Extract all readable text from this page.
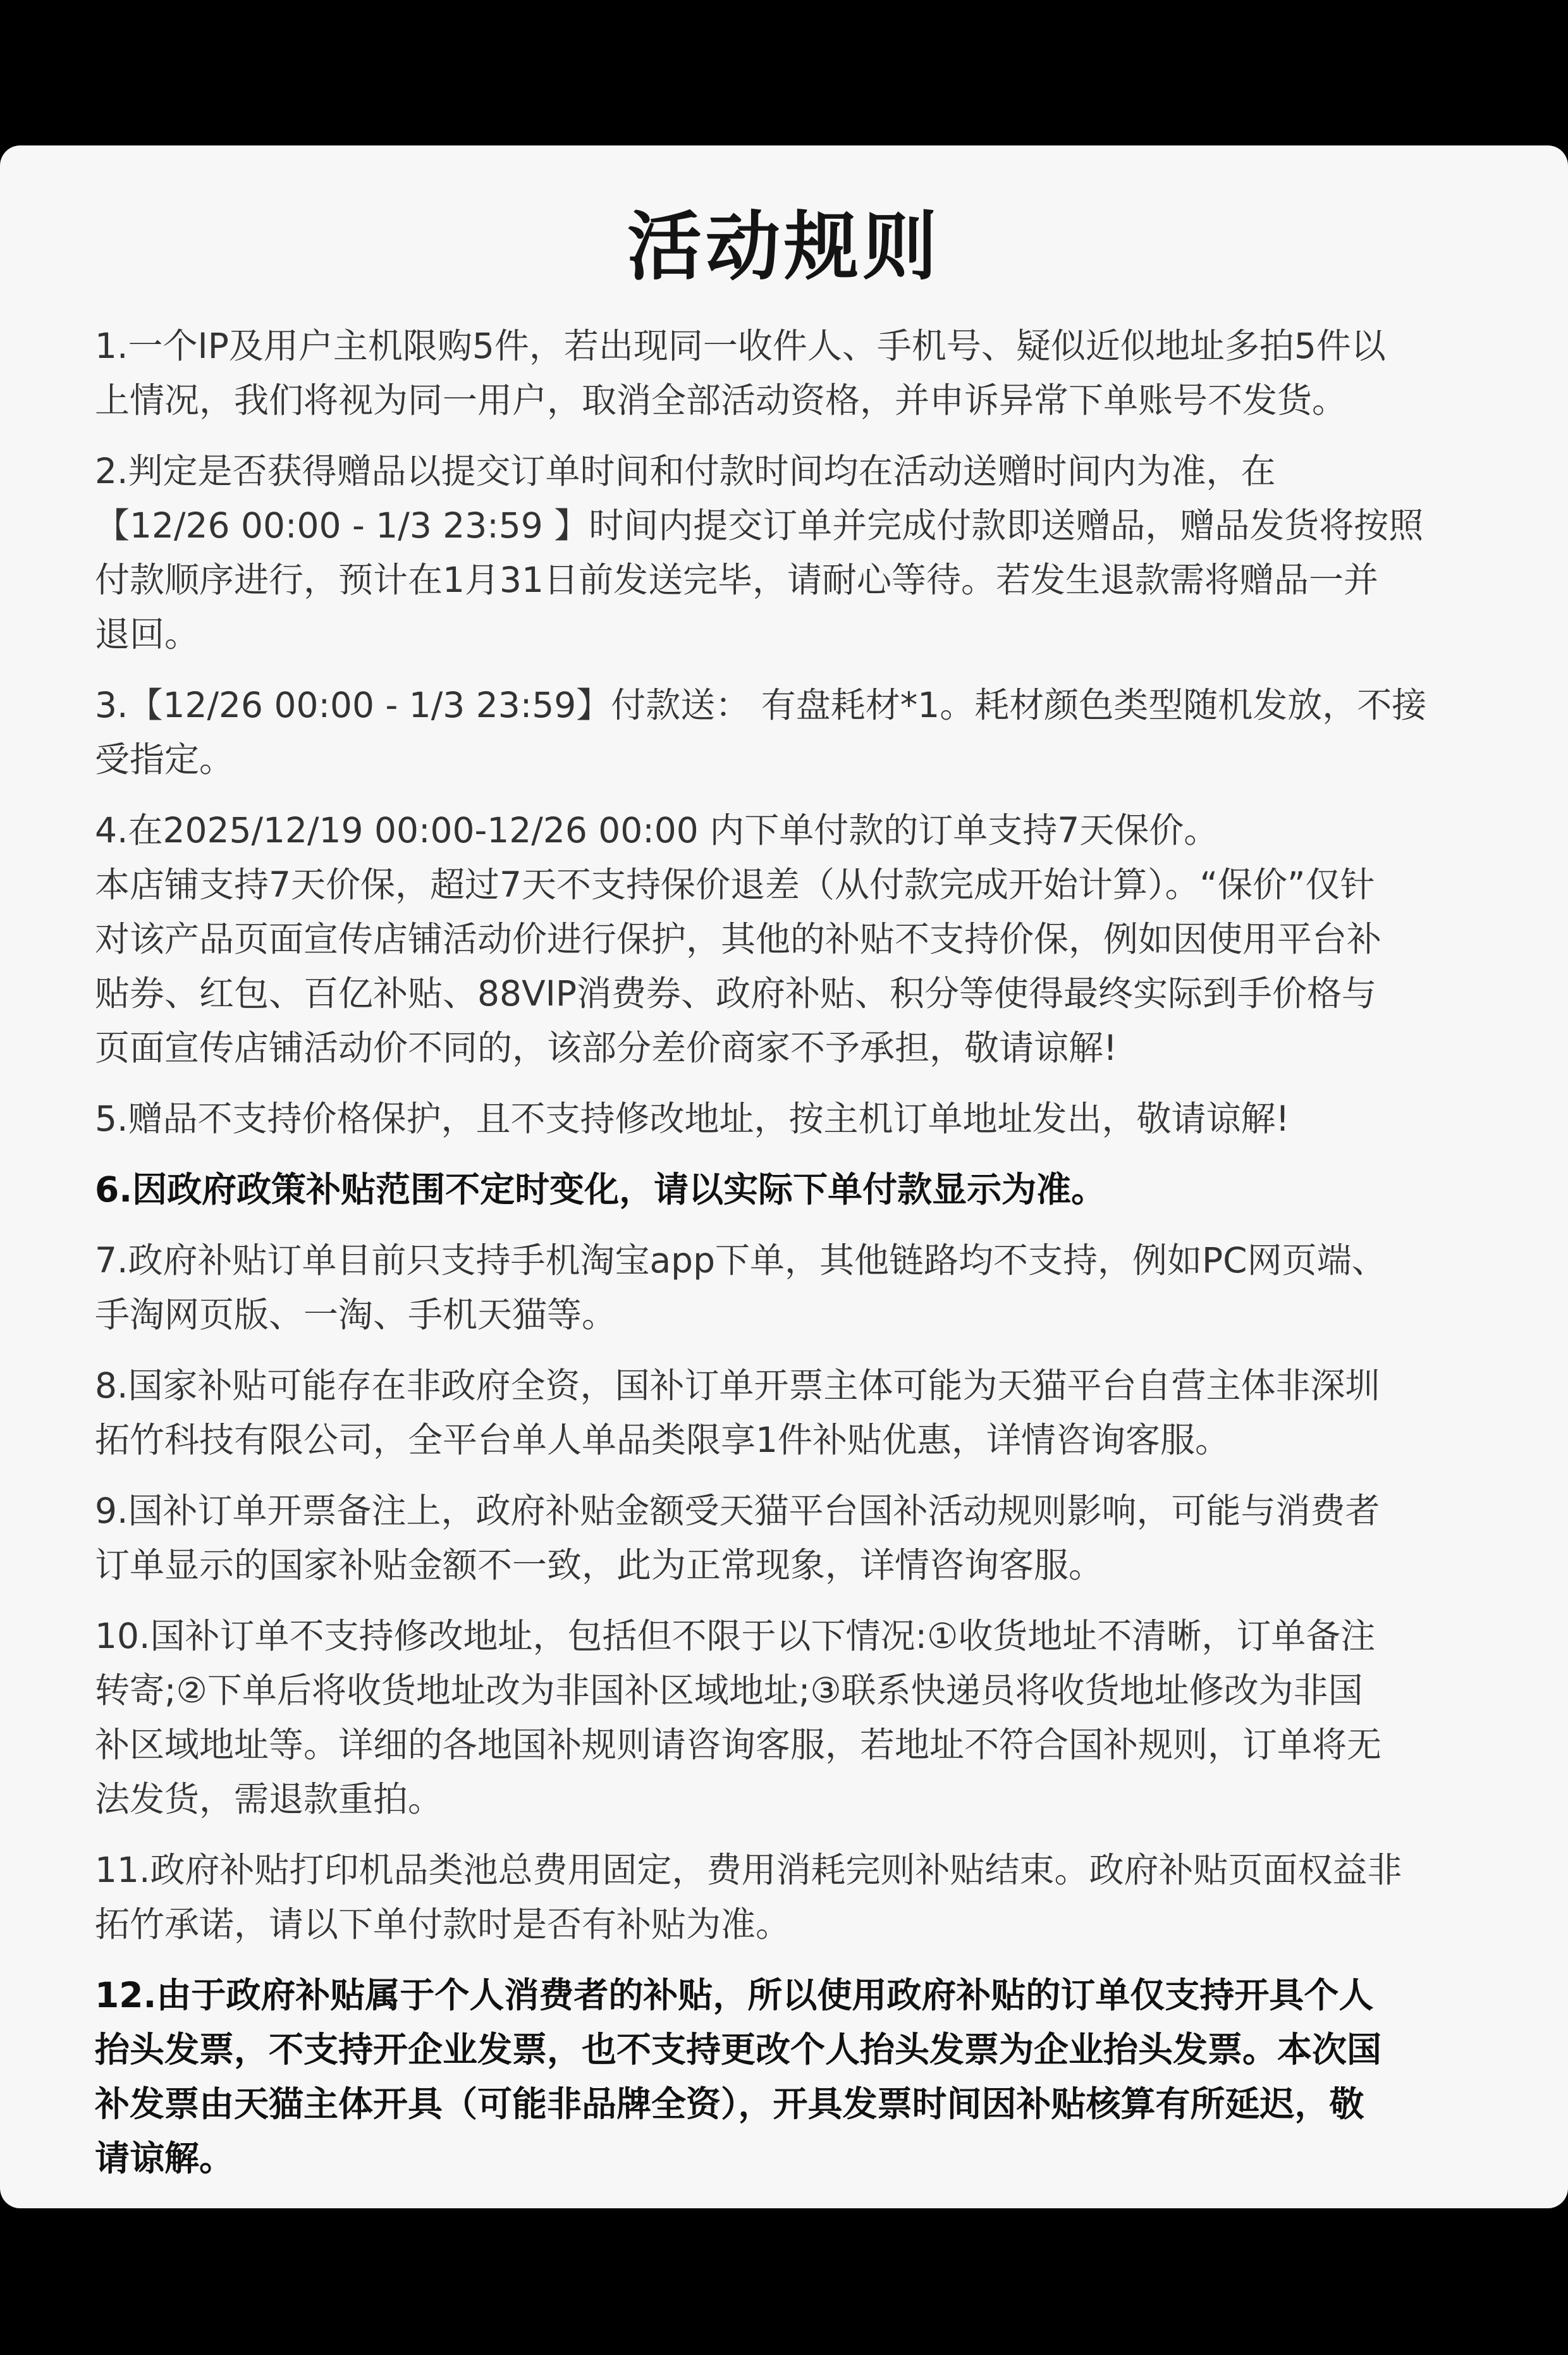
活动规则
1.一个IP及用户主机限购5件，若出现同一收件人、手机号、疑似近似地址多拍5件以
上情况，我们将视为同一用户，取消全部活动资格，并申诉异常下单账号不发货。
2.判定是否获得赠品以提交订单时间和付款时间均在活动送赠时间内为准，在
【12/26 00:00 - 1/3 23:59 】时间内提交订单并完成付款即送赠品，赠品发货将按照
付款顺序进行，预计在1月31日前发送完毕，请耐心等待。若发生退款需将赠品一并
退回。
3.【12/26 00:00 - 1/3 23:59】付款送： 有盘耗材*1。耗材颜色类型随机发放，不接
受指定。
4.在2025/12/19 00:00-12/26 00:00 内下单付款的订单支持7天保价。
本店铺支持7天价保，超过7天不支持保价退差（从付款完成开始计算）。“保价”仅针
对该产品页面宣传店铺活动价进行保护，其他的补贴不支持价保，例如因使用平台补
贴券、红包、百亿补贴、88VIP消费券、政府补贴、积分等使得最终实际到手价格与
页面宣传店铺活动价不同的，该部分差价商家不予承担，敬请谅解!
5.赠品不支持价格保护，且不支持修改地址，按主机订单地址发出，敬请谅解!
6.因政府政策补贴范围不定时变化，请以实际下单付款显示为准。
7.政府补贴订单目前只支持手机淘宝app下单，其他链路均不支持，例如PC网页端、
手淘网页版、一淘、手机天猫等。
8.国家补贴可能存在非政府全资，国补订单开票主体可能为天猫平台自营主体非深圳
拓竹科技有限公司，全平台单人单品类限享1件补贴优惠，详情咨询客服。
9.国补订单开票备注上，政府补贴金额受天猫平台国补活动规则影响，可能与消费者
订单显示的国家补贴金额不一致，此为正常现象，详情咨询客服。
10.国补订单不支持修改地址，包括但不限于以下情况:①收货地址不清晰，订单备注
转寄;②下单后将收货地址改为非国补区域地址;③联系快递员将收货地址修改为非国
补区域地址等。详细的各地国补规则请咨询客服，若地址不符合国补规则，订单将无
法发货，需退款重拍。
11.政府补贴打印机品类池总费用固定，费用消耗完则补贴结束。政府补贴页面权益非
拓竹承诺，请以下单付款时是否有补贴为准。
12.由于政府补贴属于个人消费者的补贴，所以使用政府补贴的订单仅支持开具个人
抬头发票，不支持开企业发票，也不支持更改个人抬头发票为企业抬头发票。本次国
补发票由天猫主体开具（可能非品牌全资），开具发票时间因补贴核算有所延迟，敬
请谅解。
